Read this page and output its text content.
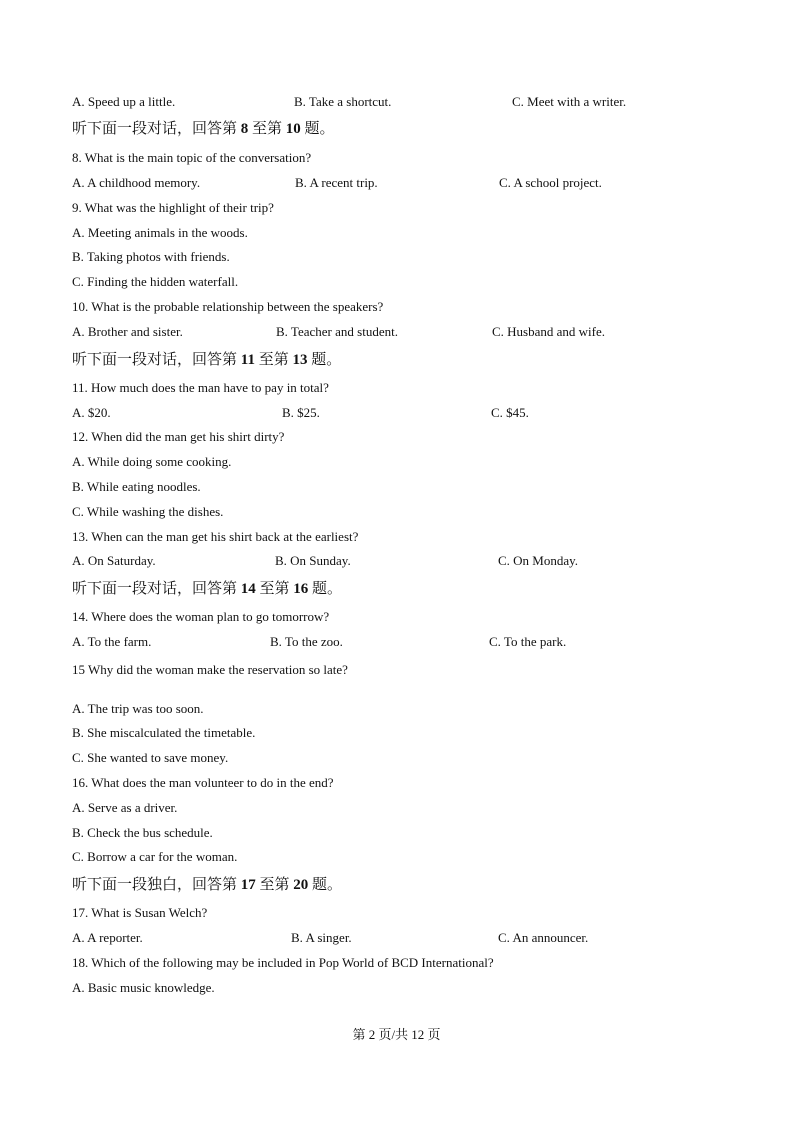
A. Speed up a little.	B. Take a shortcut.	C. Meet with a writer.
听下面一段对话，回答第 8 至第 10 题。
8. What is the main topic of the conversation?
A. A childhood memory.	B. A recent trip.	C. A school project.
9. What was the highlight of their trip?
A. Meeting animals in the woods.
B. Taking photos with friends.
C. Finding the hidden waterfall.
10. What is the probable relationship between the speakers?
A. Brother and sister.	B. Teacher and student.	C. Husband and wife.
听下面一段对话，回答第 11 至第 13 题。
11. How much does the man have to pay in total?
A. $20.	B. $25.	C. $45.
12. When did the man get his shirt dirty?
A. While doing some cooking.
B. While eating noodles.
C. While washing the dishes.
13. When can the man get his shirt back at the earliest?
A. On Saturday.	B. On Sunday.	C. On Monday.
听下面一段对话，回答第 14 至第 16 题。
14. Where does the woman plan to go tomorrow?
A. To the farm.	B. To the zoo.	C. To the park.
15 Why did the woman make the reservation so late?
A. The trip was too soon.
B. She miscalculated the timetable.
C. She wanted to save money.
16. What does the man volunteer to do in the end?
A. Serve as a driver.
B. Check the bus schedule.
C. Borrow a car for the woman.
听下面一段独白，回答第 17 至第 20 题。
17. What is Susan Welch?
A. A reporter.	B. A singer.	C. An announcer.
18. Which of the following may be included in Pop World of BCD International?
A. Basic music knowledge.
第 2 页/共 12 页
